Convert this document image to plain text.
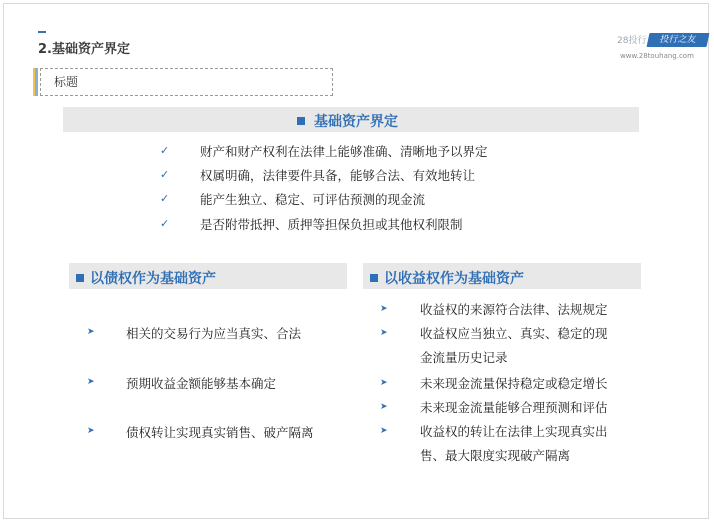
2.基础资产界定
28投行	投行之友
www.28touhang.com
标题
基础资产界定
✓ 财产和财产权利在法律上能够准确、清晰地予以界定
✓ 权属明确，法律要件具备，能够合法、有效地转让
✓ 能产生独立、稳定、可评估预测的现金流
✓ 是否附带抵押、质押等担保负担或其他权利限制
以债权作为基础资产
➤	相关的交易行为应当真实、合法
➤	预期收益金额能够基本确定
➤	债权转让实现真实销售、破产隔离
以收益权作为基础资产
➤	收益权的来源符合法律、法规规定
➤	收益权应当独立、真实、稳定的现
金流量历史记录
➤	未来现金流量保持稳定或稳定增长
➤	未来现金流量能够合理预测和评估
➤	收益权的转让在法律上实现真实出
售、最大限度实现破产隔离
